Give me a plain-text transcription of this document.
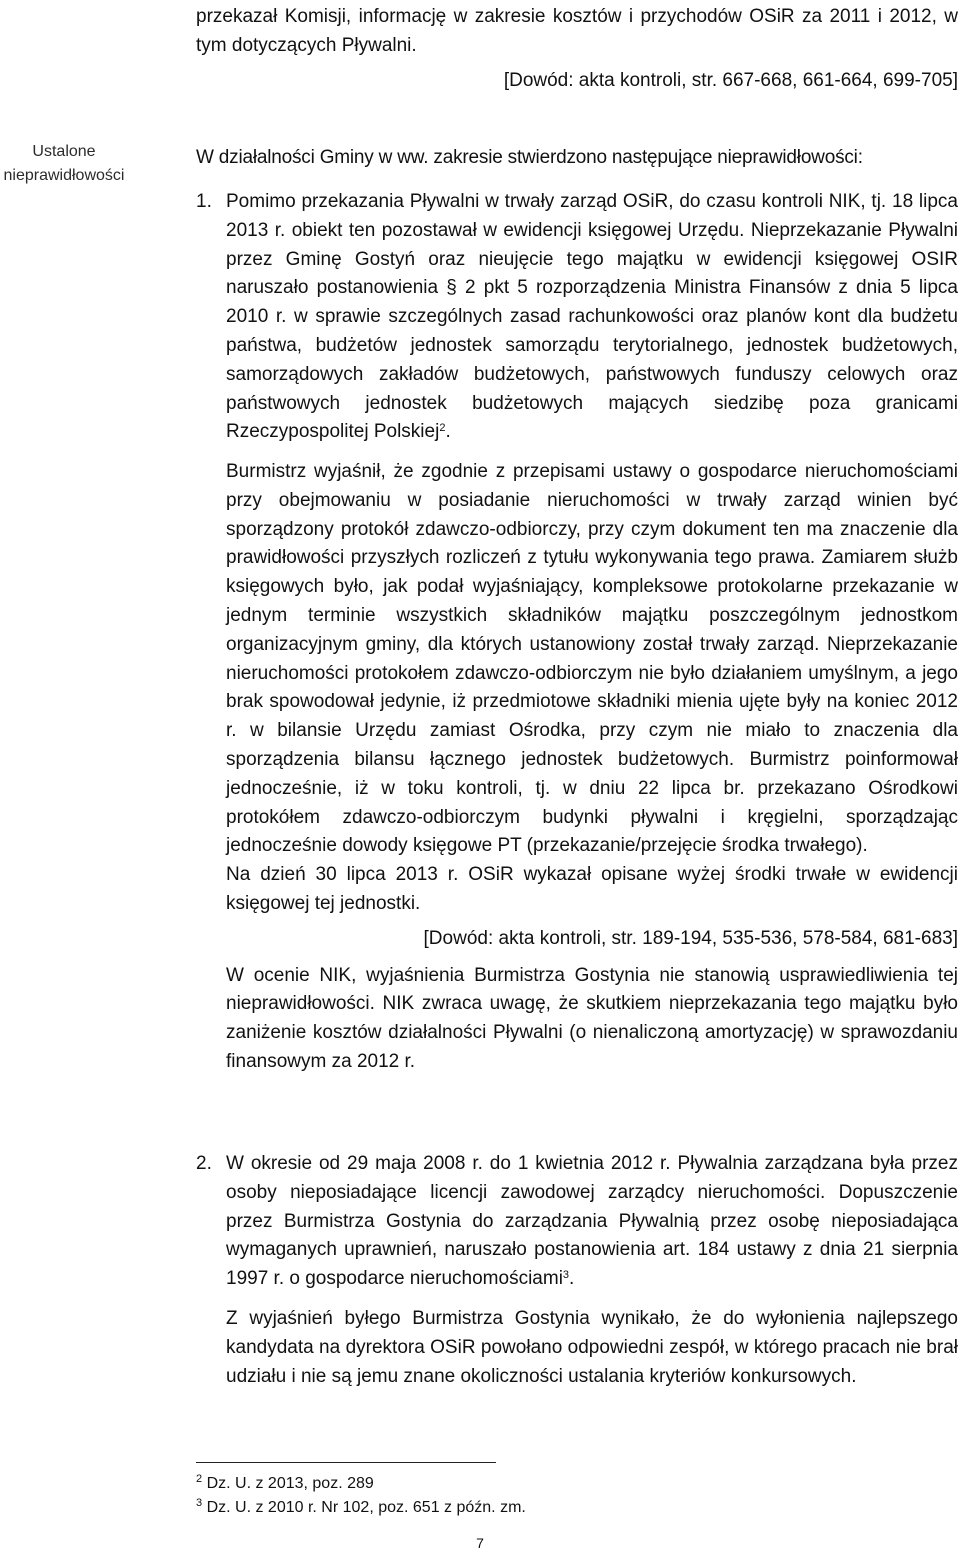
przekazał Komisji, informację w zakresie kosztów i przychodów OSiR za 2011 i 2012, w tym dotyczących Pływalni.

[Dowód: akta kontroli, str. 667-668, 661-664, 699-705]

Ustalone nieprawidłowości

W działalności Gminy w ww. zakresie stwierdzono następujące nieprawidłowości:

1. Pomimo przekazania Pływalni w trwały zarząd OSiR, do czasu kontroli NIK, tj. 18 lipca 2013 r. obiekt ten pozostawał w ewidencji księgowej Urzędu. Nieprzekazanie Pływalni przez Gminę Gostyń oraz nieujęcie tego majątku w ewidencji księgowej OSIR naruszało postanowienia § 2 pkt 5 rozporządzenia Ministra Finansów z dnia 5 lipca 2010 r. w sprawie szczególnych zasad rachunkowości oraz planów kont dla budżetu państwa, budżetów jednostek samorządu terytorialnego, jednostek budżetowych, samorządowych zakładów budżetowych, państwowych funduszy celowych oraz państwowych jednostek budżetowych mających siedzibę poza granicami Rzeczypospolitej Polskiej$^2$.

Burmistrz wyjaśnił, że zgodnie z przepisami ustawy o gospodarce nieruchomościami przy obejmowaniu w posiadanie nieruchomości w trwały zarząd winien być sporządzony protokół zdawczo-odbiorczy, przy czym dokument ten ma znaczenie dla prawidłowości przyszłych rozliczeń z tytułu wykonywania tego prawa. Zamiarem służb księgowych było, jak podał wyjaśniający, kompleksowe protokolarne przekazanie w jednym terminie wszystkich składników majątku poszczególnym jednostkom organizacyjnym gminy, dla których ustanowiony został trwały zarząd. Nieprzekazanie nieruchomości protokołem zdawczo-odbiorczym nie było działaniem umyślnym, a jego brak spowodował jedynie, iż przedmiotowe składniki mienia ujęte były na koniec 2012 r. w bilansie Urzędu zamiast Ośrodka, przy czym nie miało to znaczenia dla sporządzenia bilansu łącznego jednostek budżetowych. Burmistrz poinformował jednocześnie, iż w toku kontroli, tj. w dniu 22 lipca br. przekazano Ośrodkowi protokółem zdawczo-odbiorczym budynki pływalni i kręgielni, sporządzając jednocześnie dowody księgowe PT (przekazanie/przejęcie środka trwałego).

Na dzień 30 lipca 2013 r. OSiR wykazał opisane wyżej środki trwałe w ewidencji księgowej tej jednostki.

[Dowód: akta kontroli, str. 189-194, 535-536, 578-584, 681-683]

W ocenie NIK, wyjaśnienia Burmistrza Gostynia nie stanowią usprawiedliwienia tej nieprawidłowości. NIK zwraca uwagę, że skutkiem nieprzekazania tego majątku było zaniżenie kosztów działalności Pływalni (o nienaliczoną amortyzację) w sprawozdaniu finansowym za 2012 r.

2. W okresie od 29 maja 2008 r. do 1 kwietnia 2012 r. Pływalnia zarządzana była przez osoby nieposiadające licencji zawodowej zarządcy nieruchomości. Dopuszczenie przez Burmistrza Gostynia do zarządzania Pływalnią przez osobę nieposiadająca wymaganych uprawnień, naruszało postanowienia art. 184 ustawy z dnia 21 sierpnia 1997 r. o gospodarce nieruchomościami$^3$.

Z wyjaśnień byłego Burmistrza Gostynia wynikało, że do wyłonienia najlepszego kandydata na dyrektora OSiR powołano odpowiedni zespół, w którego pracach nie brał udziału i nie są jemu znane okoliczności ustalania kryteriów konkursowych.

$^2$ Dz. U. z 2013, poz. 289
$^3$ Dz. U. z 2010 r. Nr 102, poz. 651 z późn. zm.
7
